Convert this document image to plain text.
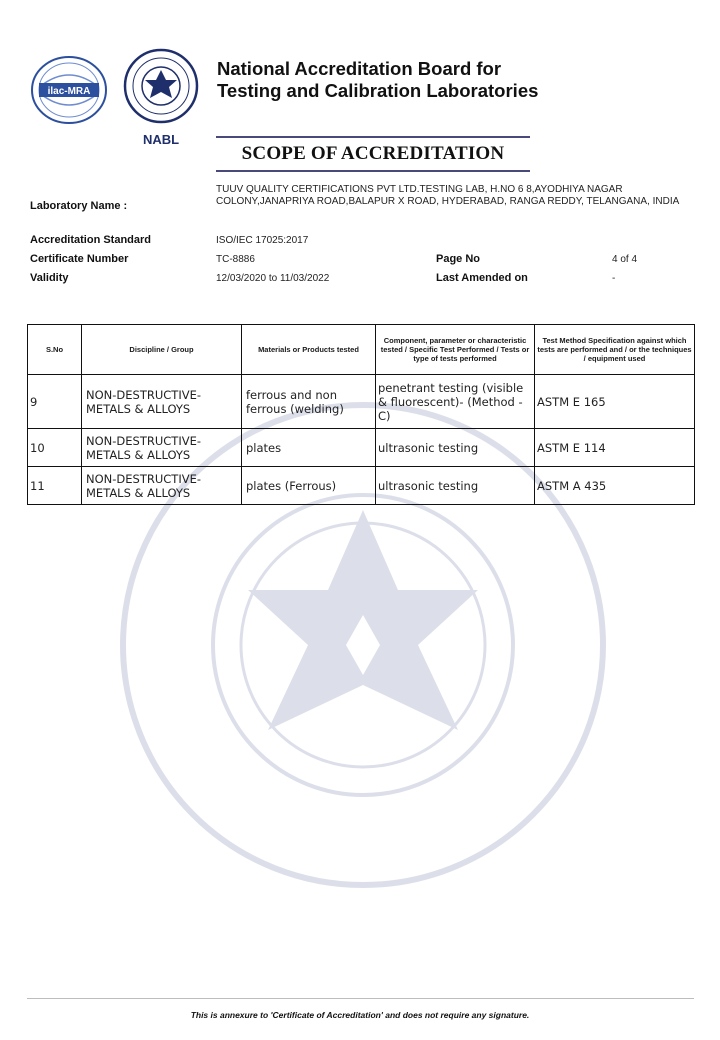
ilac-MRA
NABL
National Accreditation Board for
Testing and Calibration Laboratories
SCOPE OF ACCREDITATION
Laboratory Name :
TUUV QUALITY CERTIFICATIONS PVT LTD.TESTING LAB, H.NO 6 8,AYODHIYA NAGAR COLONY,JANAPRIYA ROAD,BALAPUR X ROAD, HYDERABAD, RANGA REDDY, TELANGANA, INDIA
Accreditation Standard	ISO/IEC 17025:2017
Certificate Number	TC-8886	Page No	4 of 4
Validity	12/03/2020 to 11/03/2022	Last Amended on	-
S.No	Discipline / Group	Materials or Products tested	Component, parameter or characteristic tested / Specific Test Performed / Tests or type of tests performed	Test Method Specification against which tests are performed and / or the techniques / equipment used
9	NON-DESTRUCTIVE-METALS & ALLOYS	ferrous and non ferrous (welding)	penetrant testing (visible & fluorescent)- (Method - C)	ASTM E 165
10	NON-DESTRUCTIVE-METALS & ALLOYS	plates	ultrasonic testing	ASTM E 114
11	NON-DESTRUCTIVE-METALS & ALLOYS	plates (Ferrous)	ultrasonic testing	ASTM A 435
This is annexure to 'Certificate of Accreditation' and does not require any signature.
